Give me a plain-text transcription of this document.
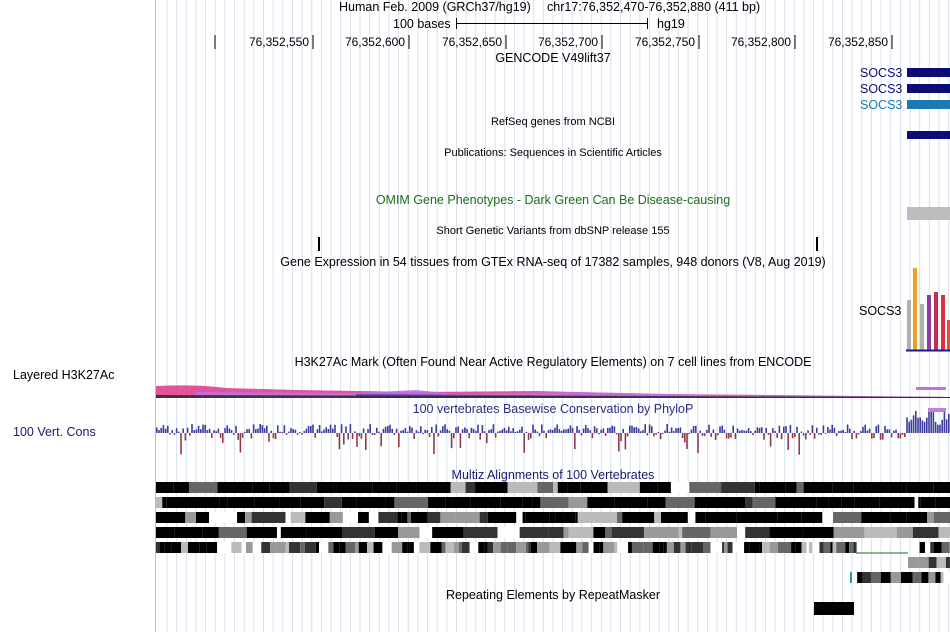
Layered H3K27Ac
100 Vert. Cons
Human Feb. 2009 (GRCh37/hg19) chr17:76,352,470-76,352,880 (411 bp)
100 bases	hg19
76,352,550	76,352,600	76,352,650	76,352,700	76,352,750	76,352,800	76,352,850
GENCODE V49lift37
SOCS3
SOCS3
SOCS3
RefSeq genes from NCBI
Publications: Sequences in Scientific Articles
OMIM Gene Phenotypes - Dark Green Can Be Disease-causing
Short Genetic Variants from dbSNP release 155
Gene Expression in 54 tissues from GTEx RNA-seq of 17382 samples, 948 donors (V8, Aug 2019)
SOCS3
H3K27Ac Mark (Often Found Near Active Regulatory Elements) on 7 cell lines from ENCODE
100 vertebrates Basewise Conservation by PhyloP
Multiz Alignments of 100 Vertebrates
Repeating Elements by RepeatMasker
